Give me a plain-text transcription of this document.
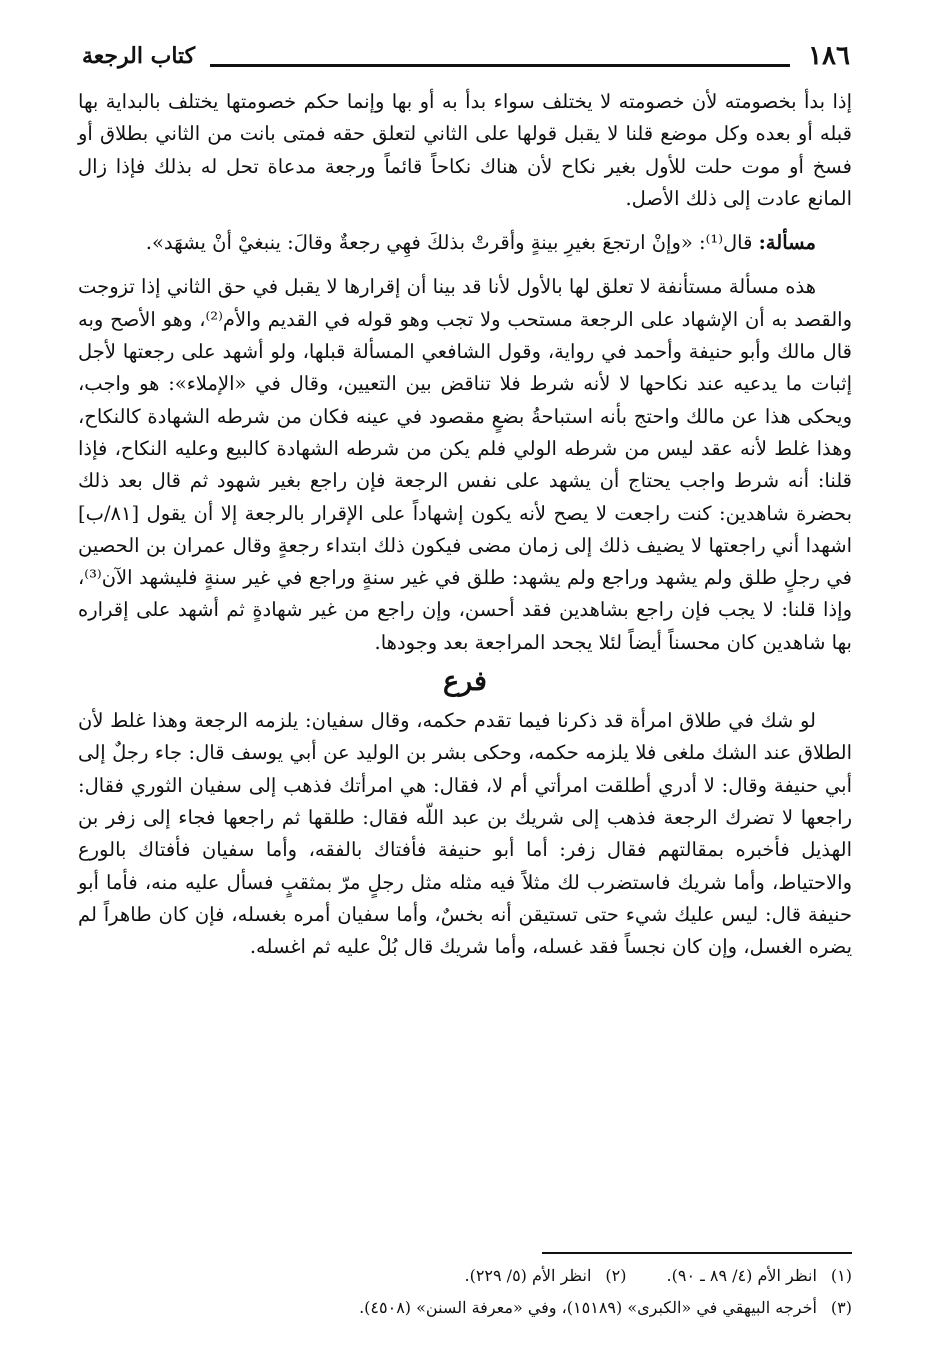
١٨٦
كتاب الرجعة

إذا بدأ بخصومته لأن خصومته لا يختلف سواء بدأ به أو بها وإنما حكم خصومتها يختلف بالبداية بها قبله أو بعده وكل موضع قلنا لا يقبل قولها على الثاني لتعلق حقه فمتى بانت من الثاني بطلاق أو فسخ أو موت حلت للأول بغير نكاح لأن هناك نكاحاً قائماً ورجعة مدعاة تحل له بذلك فإذا زال المانع عادت إلى ذلك الأصل.

مسألة: قال⁽¹⁾: «وإنْ ارتجعَ بغيرِ بينةٍ وأقرتْ بذلكَ فهِي رجعةٌ وقالَ: ينبغيْ أنْ يشهَد».

هذه مسألة مستأنفة لا تعلق لها بالأول لأنا قد بينا أن إقرارها لا يقبل في حق الثاني إذا تزوجت والقصد به أن الإشهاد على الرجعة مستحب ولا تجب وهو قوله في القديم والأم⁽²⁾، وهو الأصح وبه قال مالك وأبو حنيفة وأحمد في رواية، وقول الشافعي المسألة قبلها، ولو أشهد على رجعتها لأجل إثبات ما يدعيه عند نكاحها لا لأنه شرط فلا تناقض بين التعيين، وقال في «الإملاء»: هو واجب، ويحكى هذا عن مالك واحتج بأنه استباحةُ بضعٍ مقصود في عينه فكان من شرطه الشهادة كالنكاح، وهذا غلط لأنه عقد ليس من شرطه الولي فلم يكن من شرطه الشهادة كالبيع وعليه النكاح، فإذا قلنا: أنه شرط واجب يحتاج أن يشهد على نفس الرجعة فإن راجع بغير شهود ثم قال بعد ذلك بحضرة شاهدين: كنت راجعت لا يصح لأنه يكون إشهاداً على الإقرار بالرجعة إلا أن يقول [٨١/ب] اشهدا أني راجعتها لا يضيف ذلك إلى زمان مضى فيكون ذلك ابتداء رجعةٍ وقال عمران بن الحصين في رجلٍ طلق ولم يشهد وراجع ولم يشهد: طلق في غير سنةٍ وراجع في غير سنةٍ فليشهد الآن⁽³⁾، وإذا قلنا: لا يجب فإن راجع بشاهدين فقد أحسن، وإن راجع من غير شهادةٍ ثم أشهد على إقراره بها شاهدين كان محسناً أيضاً لئلا يجحد المراجعة بعد وجودها.

فرع

لو شك في طلاق امرأة قد ذكرنا فيما تقدم حكمه، وقال سفيان: يلزمه الرجعة وهذا غلط لأن الطلاق عند الشك ملغى فلا يلزمه حكمه، وحكى بشر بن الوليد عن أبي يوسف قال: جاء رجلٌ إلى أبي حنيفة وقال: لا أدري أطلقت امرأتي أم لا، فقال: هي امرأتك فذهب إلى سفيان الثوري فقال: راجعها لا تضرك الرجعة فذهب إلى شريك بن عبد اللّه فقال: طلقها ثم راجعها فجاء إلى زفر بن الهذيل فأخبره بمقالتهم فقال زفر: أما أبو حنيفة فأفتاك بالفقه، وأما سفيان فأفتاك بالورع والاحتياط، وأما شريك فاستضرب لك مثلاً فيه مثله مثل رجلٍ مرّ بمثقبٍ فسأل عليه منه، فأما أبو حنيفة قال: ليس عليك شيء حتى تستيقن أنه بخسٌ، وأما سفيان أمره بغسله، فإن كان طاهراً لم يضره الغسل، وإن كان نجساً فقد غسله، وأما شريك قال بُلْ عليه ثم اغسله.

(١)انظر الأم (٤/ ٨٩ ـ ٩٠).(٢)انظر الأم (٥/ ٢٢٩).
(٣)أخرجه البيهقي في «الكبرى» (١٥١٨٩)، وفي «معرفة السنن» (٤٥٠٨).
